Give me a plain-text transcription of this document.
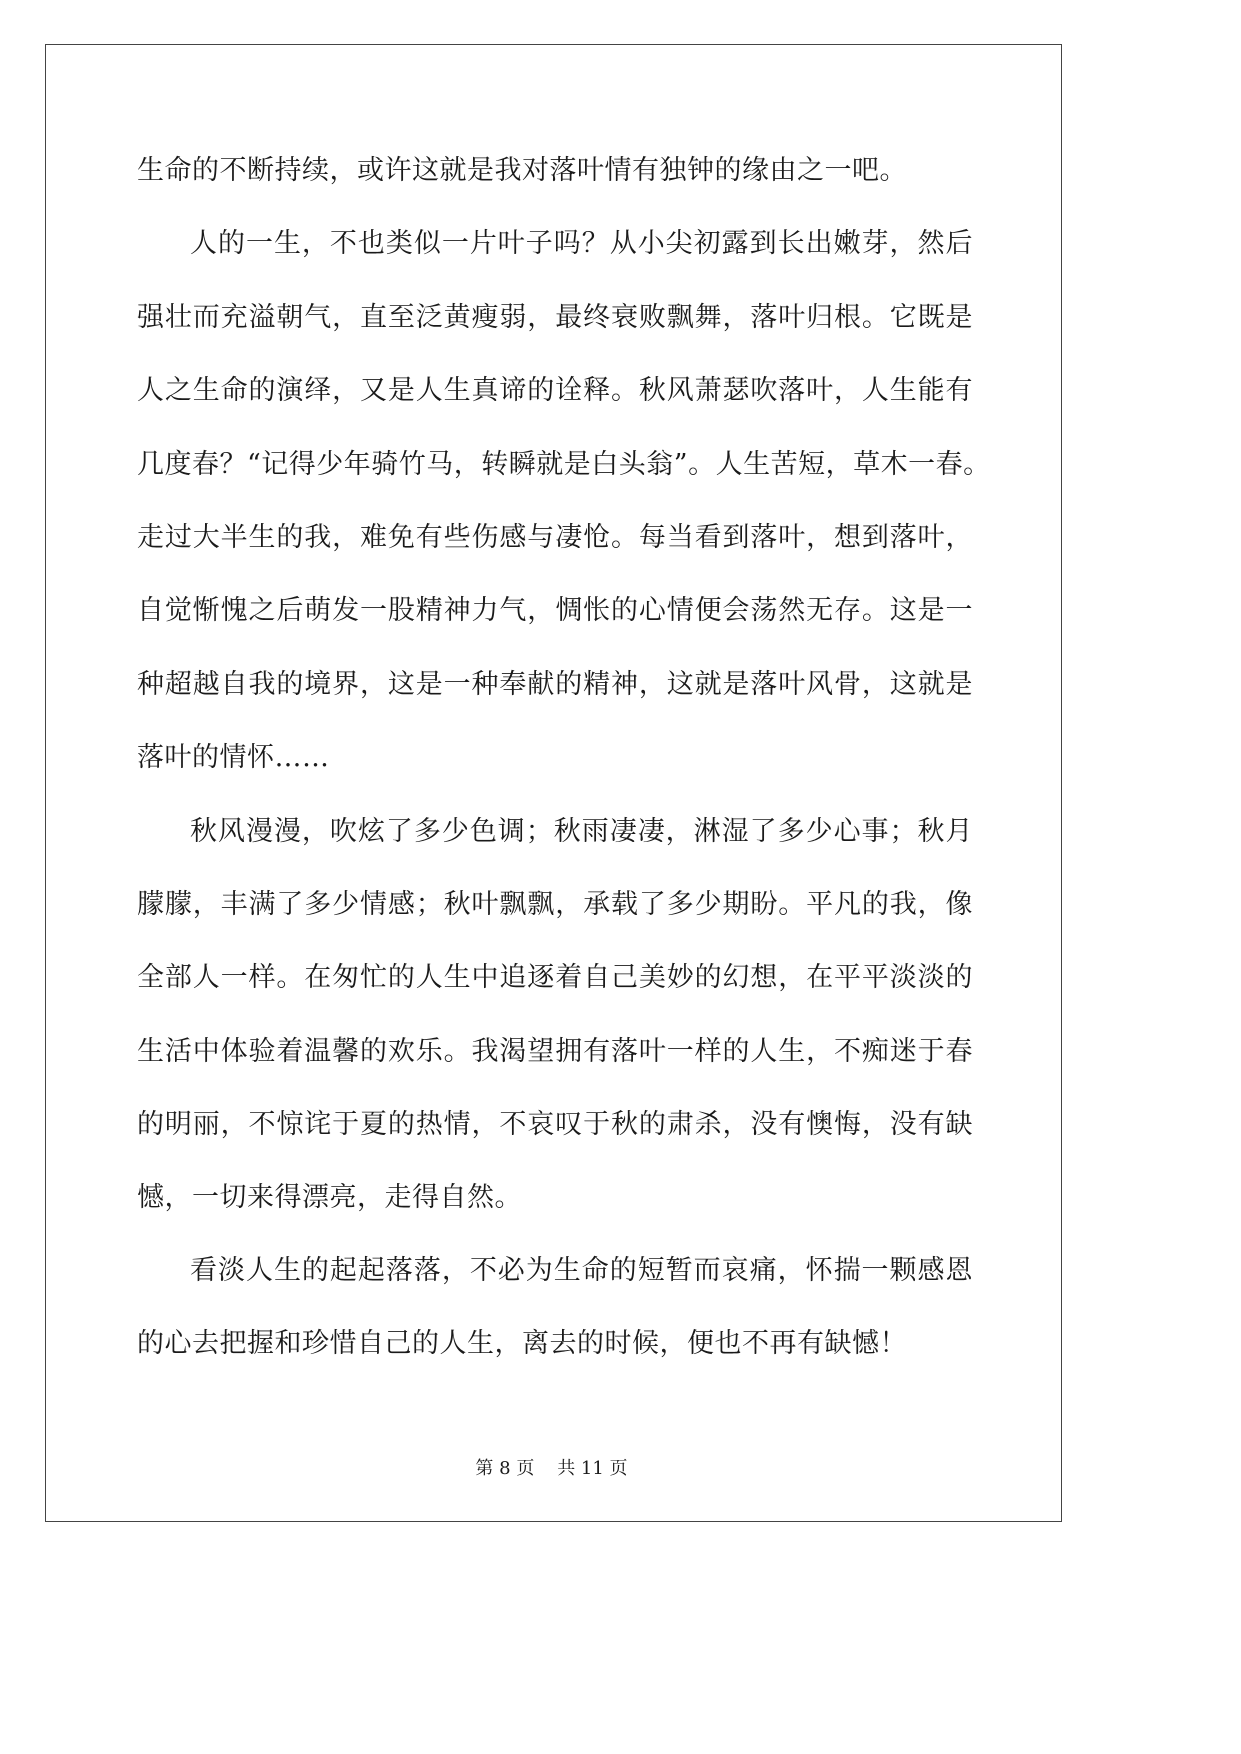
生命的不断持续，或许这就是我对落叶情有独钟的缘由之一吧。
人的一生，不也类似一片叶子吗？从小尖初露到长出嫩芽，然后
强壮而充溢朝气，直至泛黄瘦弱，最终衰败飘舞，落叶归根。它既是
人之生命的演绎，又是人生真谛的诠释。秋风萧瑟吹落叶，人生能有
几度春？“记得少年骑竹马，转瞬就是白头翁”。人生苦短，草木一春。
走过大半生的我，难免有些伤感与凄怆。每当看到落叶，想到落叶，
自觉惭愧之后萌发一股精神力气，惆怅的心情便会荡然无存。这是一
种超越自我的境界，这是一种奉献的精神，这就是落叶风骨，这就是
落叶的情怀……
秋风漫漫，吹炫了多少色调；秋雨凄凄，淋湿了多少心事；秋月
朦朦，丰满了多少情感；秋叶飘飘，承载了多少期盼。平凡的我，像
全部人一样。在匆忙的人生中追逐着自己美妙的幻想，在平平淡淡的
生活中体验着温馨的欢乐。我渴望拥有落叶一样的人生，不痴迷于春
的明丽，不惊诧于夏的热情，不哀叹于秋的肃杀，没有懊悔，没有缺
憾，一切来得漂亮，走得自然。
看淡人生的起起落落，不必为生命的短暂而哀痛，怀揣一颗感恩
的心去把握和珍惜自己的人生，离去的时候，便也不再有缺憾！
第 8 页    共 11 页
